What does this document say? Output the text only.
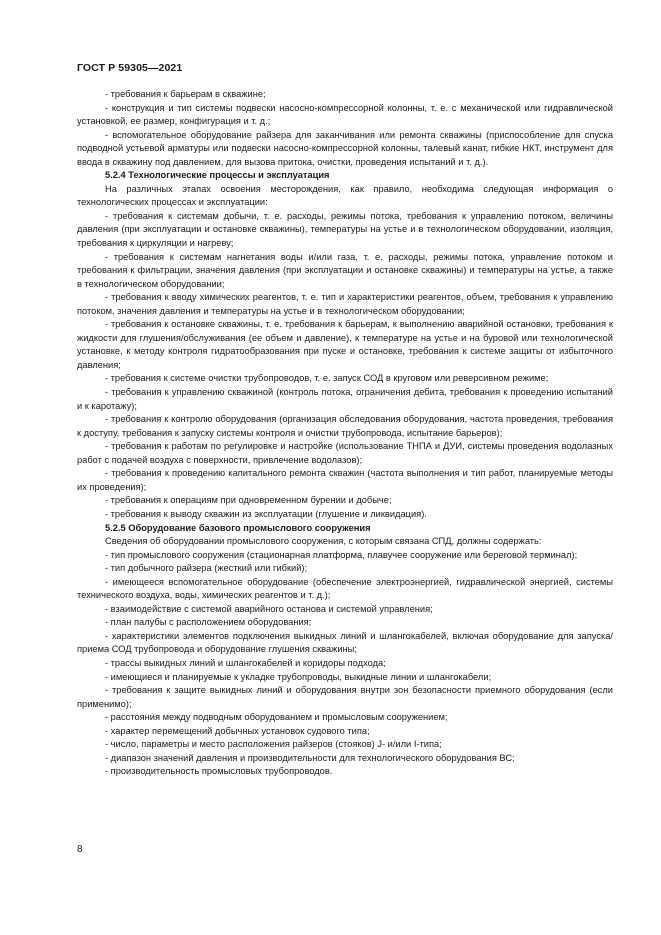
ГОСТ Р 59305—2021

- требования к барьерам в скважине;

- конструкция и тип системы подвески насосно-компрессорной колонны, т. е. с механической или гидравлической установкой, ее размер, конфигурация и т. д.;

- вспомогательное оборудование райзера для заканчивания или ремонта скважины (приспособление для спуска подводной устьевой арматуры или подвески насосно-компрессорной колонны, талевый канат, гибкие НКТ, инструмент для ввода в скважину под давлением, для вызова притока, очистки, проведения испытаний и т. д.).

5.2.4 Технологические процессы и эксплуатация

На различных этапах освоения месторождения, как правило, необходима следующая информация о технологических процессах и эксплуатации:

- требования к системам добычи, т. е. расходы, режимы потока, требования к управлению потоком, величины давления (при эксплуатации и остановке скважины), температуры на устье и в технологическом оборудовании, изоляция, требования к циркуляции и нагреву;

- требования к системам нагнетания воды и/или газа, т. е. расходы, режимы потока, управление потоком и требования к фильтрации, значения давления (при эксплуатации и остановке скважины) и температуры на устье, а также в технологическом оборудовании;

- требования к вводу химических реагентов, т. е. тип и характеристики реагентов, объем, требования к управлению потоком, значения давления и температуры на устье и в технологическом оборудовании;

- требования к остановке скважины, т. е. требования к барьерам, к выполнению аварийной остановки, требования к жидкости для глушения/обслуживания (ее объем и давление), к температуре на устье и на буровой или технологической установке, к методу контроля гидратообразования при пуске и остановке, требования к системе защиты от избыточного давления;

- требования к системе очистки трубопроводов, т. е. запуск СОД в круговом или реверсивном режиме;

- требования к управлению скважиной (контроль потока, ограничения дебита, требования к проведению испытаний и к каротажу);

- требования к контролю оборудования (организация обследования оборудования, частота проведения, требования к доступу, требования к запуску системы контроля и очистки трубопровода, испытание барьеров);

- требования к работам по регулировке и настройке (использование ТНПА и ДУИ, системы проведения водолазных работ с подачей воздуха с поверхности, привлечение водолазов);

- требования к проведению капитального ремонта скважин (частота выполнения и тип работ, планируемые методы их проведения);

- требования к операциям при одновременном бурении и добыче;

- требования к выводу скважин из эксплуатации (глушение и ликвидация).

5.2.5 Оборудование базового промыслового сооружения

Сведения об оборудовании промыслового сооружения, с которым связана СПД, должны содержать:

- тип промыслового сооружения (стационарная платформа, плавучее сооружение или береговой терминал);

- тип добычного райзера (жесткий или гибкий);

- имеющееся вспомогательное оборудование (обеспечение электроэнергией, гидравлической энергией, системы технического воздуха, воды, химических реагентов и т. д.);

- взаимодействие с системой аварийного останова и системой управления;

- план палубы с расположением оборудования;

- характеристики элементов подключения выкидных линий и шлангокабелей, включая оборудование для запуска/приема СОД трубопровода и оборудование глушения скважины;

- трассы выкидных линий и шлангокабелей и коридоры подхода;

- имеющиеся и планируемые к укладке трубопроводы, выкидные линии и шлангокабели;

- требования к защите выкидных линий и оборудования внутри зон безопасности приемного оборудования (если применимо);

- расстояния между подводным оборудованием и промысловым сооружением;

- характер перемещений добычных установок судового типа;

- число, параметры и место расположения райзеров (стояков) J- и/или I-типа;

- диапазон значений давления и производительности для технологического оборудования ВС;

- производительность промысловых трубопроводов.

8
